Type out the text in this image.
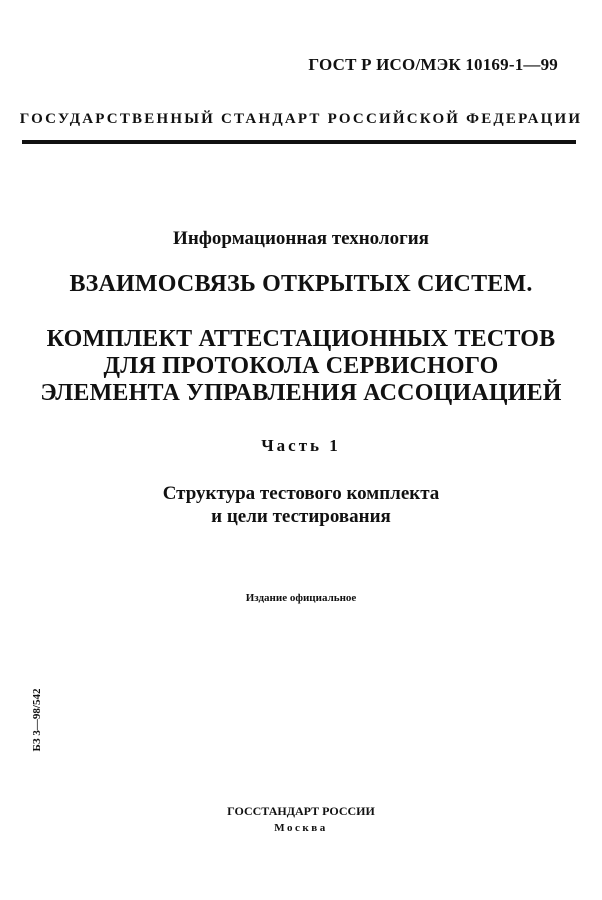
ГОСТ Р ИСО/МЭК 10169-1—99
ГОСУДАРСТВЕННЫЙ СТАНДАРТ РОССИЙСКОЙ ФЕДЕРАЦИИ
Информационная технология
ВЗАИМОСВЯЗЬ ОТКРЫТЫХ СИСТЕМ.
КОМПЛЕКТ АТТЕСТАЦИОННЫХ ТЕСТОВ
ДЛЯ ПРОТОКОЛА СЕРВИСНОГО
ЭЛЕМЕНТА УПРАВЛЕНИЯ АССОЦИАЦИЕЙ
Часть 1
Структура тестового комплекта
и цели тестирования
Издание официальное
БЗ 3—98/542
ГОССТАНДАРТ РОССИИ
Москва
